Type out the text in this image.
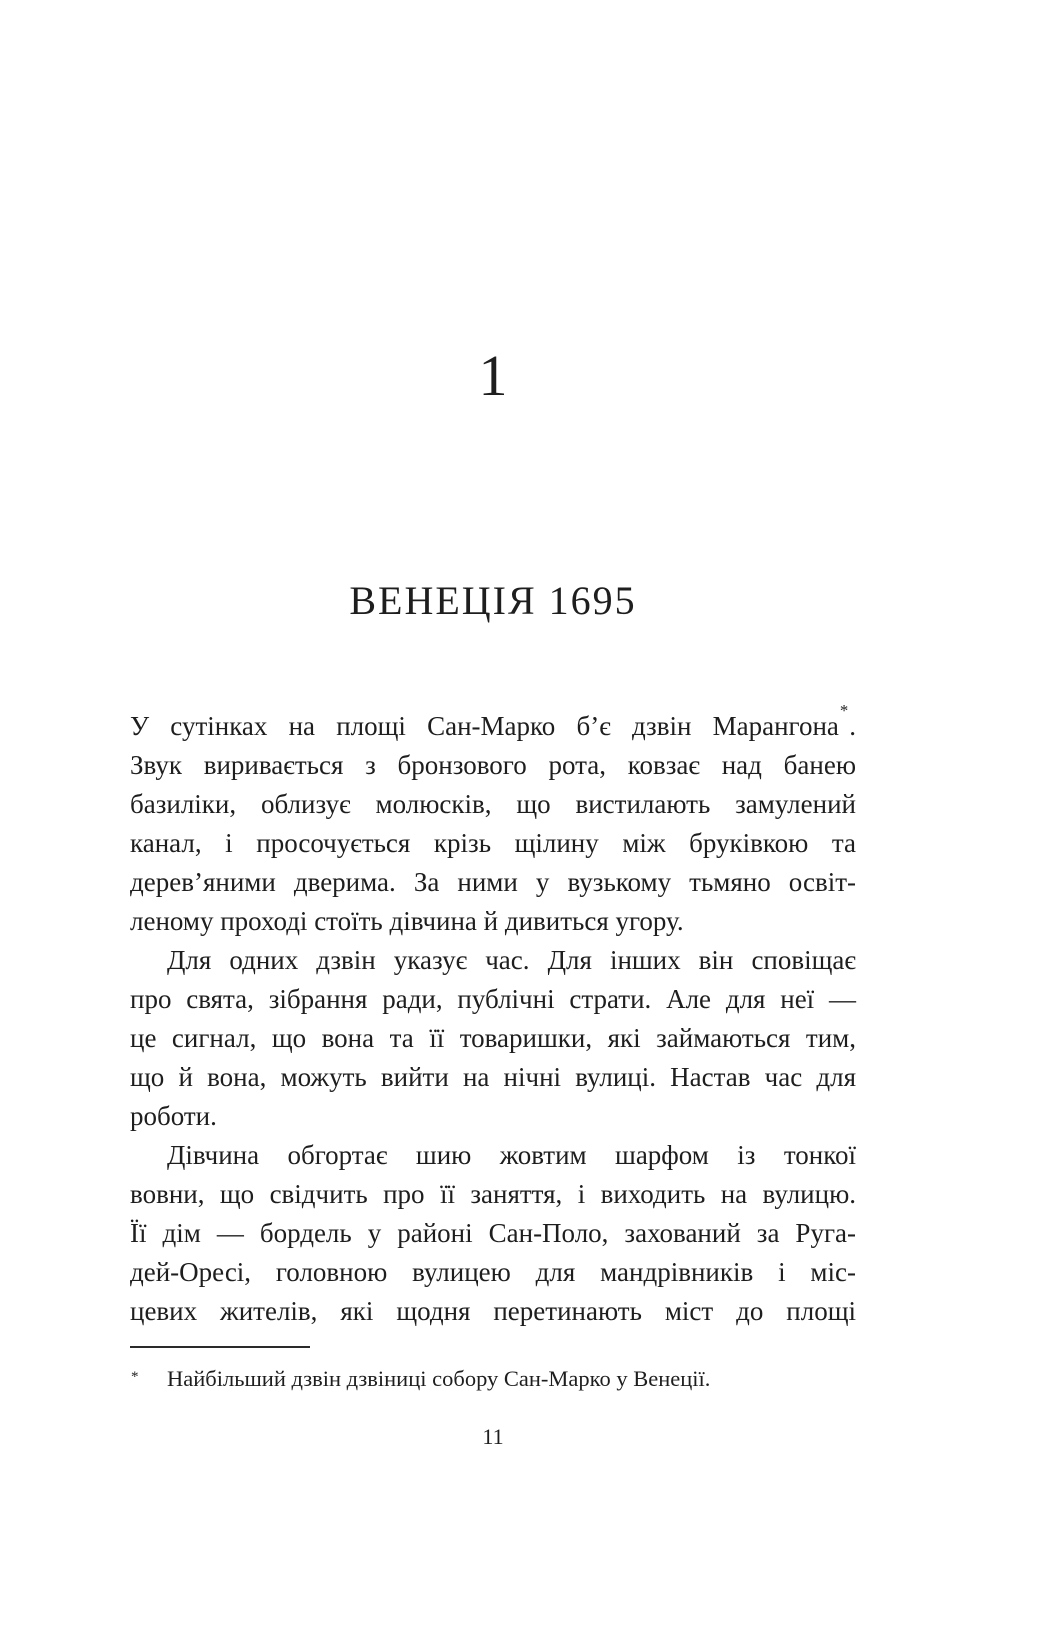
1
ВЕНЕЦІЯ 1695
У сутінках на площі Сан-Марко б’є дзвін Марангона*.
Звук виривається з бронзового рота, ковзає над банею
базиліки, облизує молюсків, що вистилають замулений
канал, і просочується крізь щілину між бруківкою та
дерев’яними дверима. За ними у вузькому тьмяно освіт-
леному проході стоїть дівчина й дивиться угору.
Для одних дзвін указує час. Для інших він сповіщає
про свята, зібрання ради, публічні страти. Але для неї —
це сигнал, що вона та її товаришки, які займаються тим,
що й вона, можуть вийти на нічні вулиці. Настав час для
роботи.
Дівчина обгортає шию жовтим шарфом із тонкої
вовни, що свідчить про її заняття, і виходить на вулицю.
Її дім — бордель у районі Сан-Поло, захований за Руга-
дей-Оресі, головною вулицею для мандрівників і міс-
цевих жителів, які щодня перетинають міст до площі
*	Найбільший дзвін дзвіниці собору Сан-Марко у Венеції.
11
